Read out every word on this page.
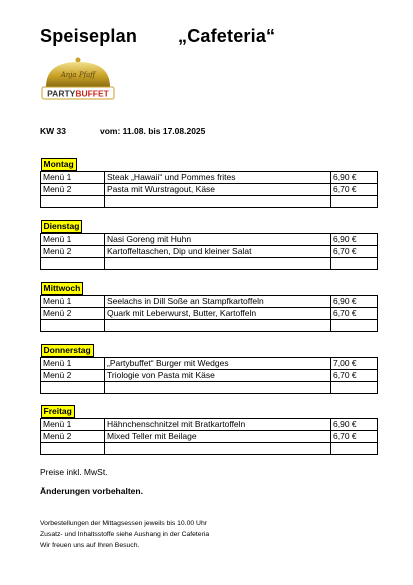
Speiseplan „Cafeteria“
Anja Pfaff
PARTYBUFFET
KW 33	vom: 11.08. bis 17.08.2025
Montag		
Menü 1	Steak „Hawaii“ und Pommes frites	6,90 €
Menü 2	Pasta mit Wurstragout, Käse	6,70 €

Dienstag		
Menü 1	Nasi Goreng mit Huhn	6,90 €
Menü 2	Kartoffeltaschen, Dip und kleiner Salat	6,70 €

Mittwoch		
Menü 1	Seelachs in Dill Soße an Stampfkartoffeln	6,90 €
Menü 2	Quark mit Leberwurst, Butter, Kartoffeln	6,70 €

Donnerstag		
Menü 1	„Partybuffet“ Burger mit Wedges	7,00 €
Menü 2	Triologie von Pasta mit Käse	6,70 €

Freitag		
Menü 1	Hähnchenschnitzel mit Bratkartoffeln	6,90 €
Menü 2	Mixed Teller mit Beilage	6,70 €

Preise inkl. MwSt.
Änderungen vorbehalten.
Vorbestellungen der Mittagsessen jeweils bis 10.00 Uhr
Zusatz- und Inhaltsstoffe siehe Aushang in der Cafeteria
Wir freuen uns auf Ihren Besuch.
